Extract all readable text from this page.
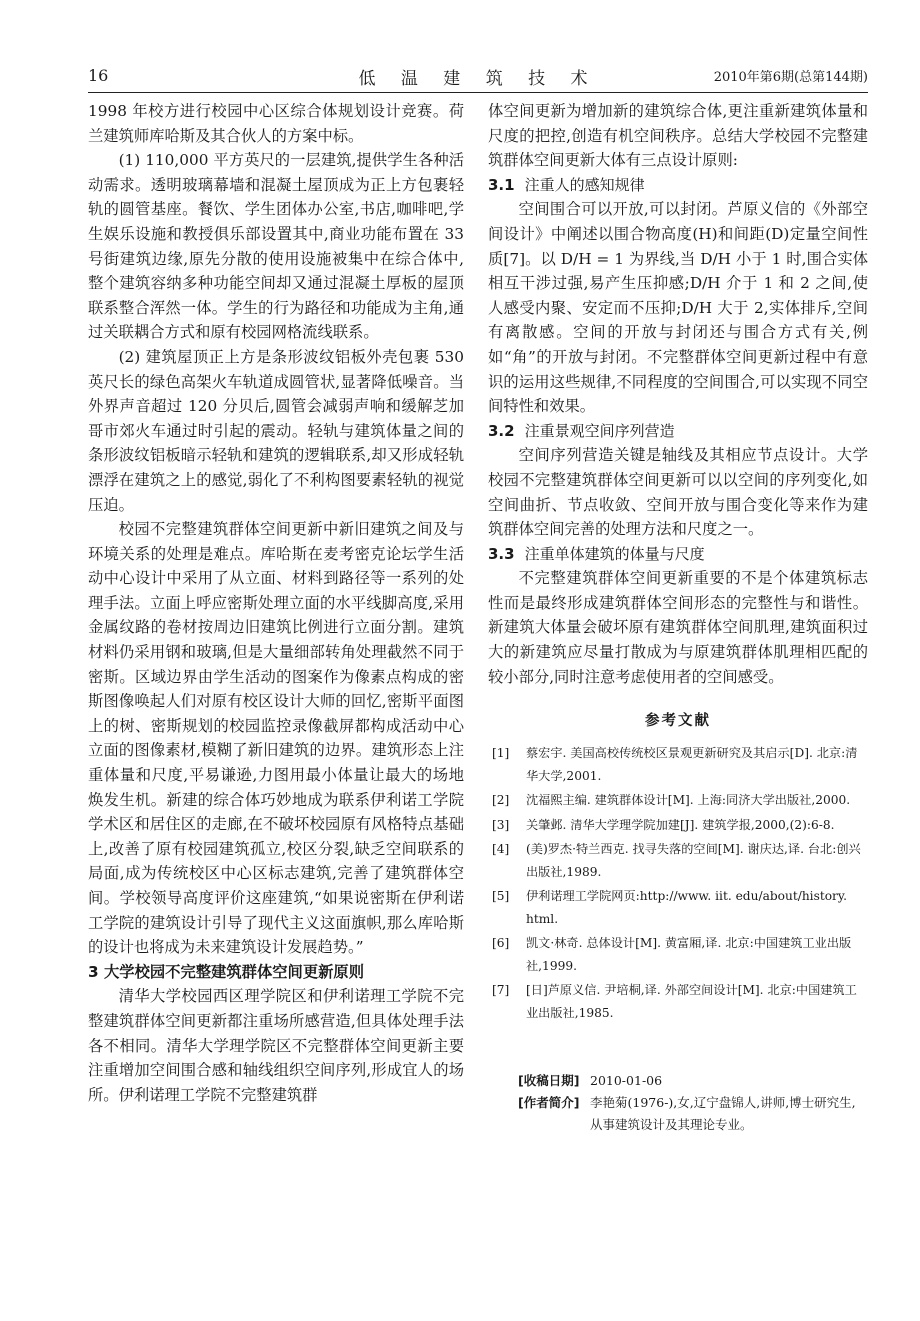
16	低 温 建 筑 技 术	2010年第6期(总第144期)

1998 年校方进行校园中心区综合体规划设计竞赛。荷兰建筑师库哈斯及其合伙人的方案中标。

(1) 110,000 平方英尺的一层建筑,提供学生各种活动需求。透明玻璃幕墙和混凝土屋顶成为正上方包裹轻轨的圆管基座。餐饮、学生团体办公室,书店,咖啡吧,学生娱乐设施和教授俱乐部设置其中,商业功能布置在 33 号街建筑边缘,原先分散的使用设施被集中在综合体中,整个建筑容纳多种功能空间却又通过混凝土厚板的屋顶联系整合浑然一体。学生的行为路径和功能成为主角,通过关联耦合方式和原有校园网格流线联系。

(2) 建筑屋顶正上方是条形波纹铝板外壳包裹 530 英尺长的绿色高架火车轨道成圆管状,显著降低噪音。当外界声音超过 120 分贝后,圆管会减弱声响和缓解芝加哥市郊火车通过时引起的震动。轻轨与建筑体量之间的条形波纹铝板暗示轻轨和建筑的逻辑联系,却又形成轻轨漂浮在建筑之上的感觉,弱化了不利构图要素轻轨的视觉压迫。

校园不完整建筑群体空间更新中新旧建筑之间及与环境关系的处理是难点。库哈斯在麦考密克论坛学生活动中心设计中采用了从立面、材料到路径等一系列的处理手法。立面上呼应密斯处理立面的水平线脚高度,采用金属纹路的卷材按周边旧建筑比例进行立面分割。建筑材料仍采用钢和玻璃,但是大量细部转角处理截然不同于密斯。区域边界由学生活动的图案作为像素点构成的密斯图像唤起人们对原有校区设计大师的回忆,密斯平面图上的树、密斯规划的校园监控录像截屏都构成活动中心立面的图像素材,模糊了新旧建筑的边界。建筑形态上注重体量和尺度,平易谦逊,力图用最小体量让最大的场地焕发生机。新建的综合体巧妙地成为联系伊利诺工学院学术区和居住区的走廊,在不破坏校园原有风格特点基础上,改善了原有校园建筑孤立,校区分裂,缺乏空间联系的局面,成为传统校区中心区标志建筑,完善了建筑群体空间。学校领导高度评价这座建筑,“如果说密斯在伊利诺工学院的建筑设计引导了现代主义这面旗帜,那么库哈斯的设计也将成为未来建筑设计发展趋势。”

3 大学校园不完整建筑群体空间更新原则

清华大学校园西区理学院区和伊利诺理工学院不完整建筑群体空间更新都注重场所感营造,但具体处理手法各不相同。清华大学理学院区不完整群体空间更新主要注重增加空间围合感和轴线组织空间序列,形成宜人的场所。伊利诺理工学院不完整建筑群

体空间更新为增加新的建筑综合体,更注重新建筑体量和尺度的把控,创造有机空间秩序。总结大学校园不完整建筑群体空间更新大体有三点设计原则:

3.1 注重人的感知规律

空间围合可以开放,可以封闭。芦原义信的《外部空间设计》中阐述以围合物高度(H)和间距(D)定量空间性质[7]。以 D/H = 1 为界线,当 D/H 小于 1 时,围合实体相互干涉过强,易产生压抑感;D/H 介于 1 和 2 之间,使人感受内聚、安定而不压抑;D/H 大于 2,实体排斥,空间有离散感。空间的开放与封闭还与围合方式有关,例如“角”的开放与封闭。不完整群体空间更新过程中有意识的运用这些规律,不同程度的空间围合,可以实现不同空间特性和效果。

3.2 注重景观空间序列营造

空间序列营造关键是轴线及其相应节点设计。大学校园不完整建筑群体空间更新可以以空间的序列变化,如空间曲折、节点收敛、空间开放与围合变化等来作为建筑群体空间完善的处理方法和尺度之一。

3.3 注重单体建筑的体量与尺度

不完整建筑群体空间更新重要的不是个体建筑标志性而是最终形成建筑群体空间形态的完整性与和谐性。新建筑大体量会破坏原有建筑群体空间肌理,建筑面积过大的新建筑应尽量打散成为与原建筑群体肌理相匹配的较小部分,同时注意考虑使用者的空间感受。

参考文献
[1] 蔡宏宇. 美国高校传统校区景观更新研究及其启示[D]. 北京:清华大学,2001.
[2] 沈福熙主编. 建筑群体设计[M]. 上海:同济大学出版社,2000.
[3] 关肇邺. 清华大学理学院加建[J]. 建筑学报,2000,(2):6-8.
[4] (美)罗杰·特兰西克. 找寻失落的空间[M]. 谢庆达,译. 台北:创兴出版社,1989.
[5] 伊利诺理工学院网页:http://www. iit. edu/about/history. html.
[6] 凯文·林奇. 总体设计[M]. 黄富厢,译. 北京:中国建筑工业出版社,1999.
[7] [日]芦原义信. 尹培桐,译. 外部空间设计[M]. 北京:中国建筑工业出版社,1985.
[收稿日期] 2010-01-06
[作者简介] 李艳菊(1976-),女,辽宁盘锦人,讲师,博士研究生,从事建筑设计及其理论专业。
